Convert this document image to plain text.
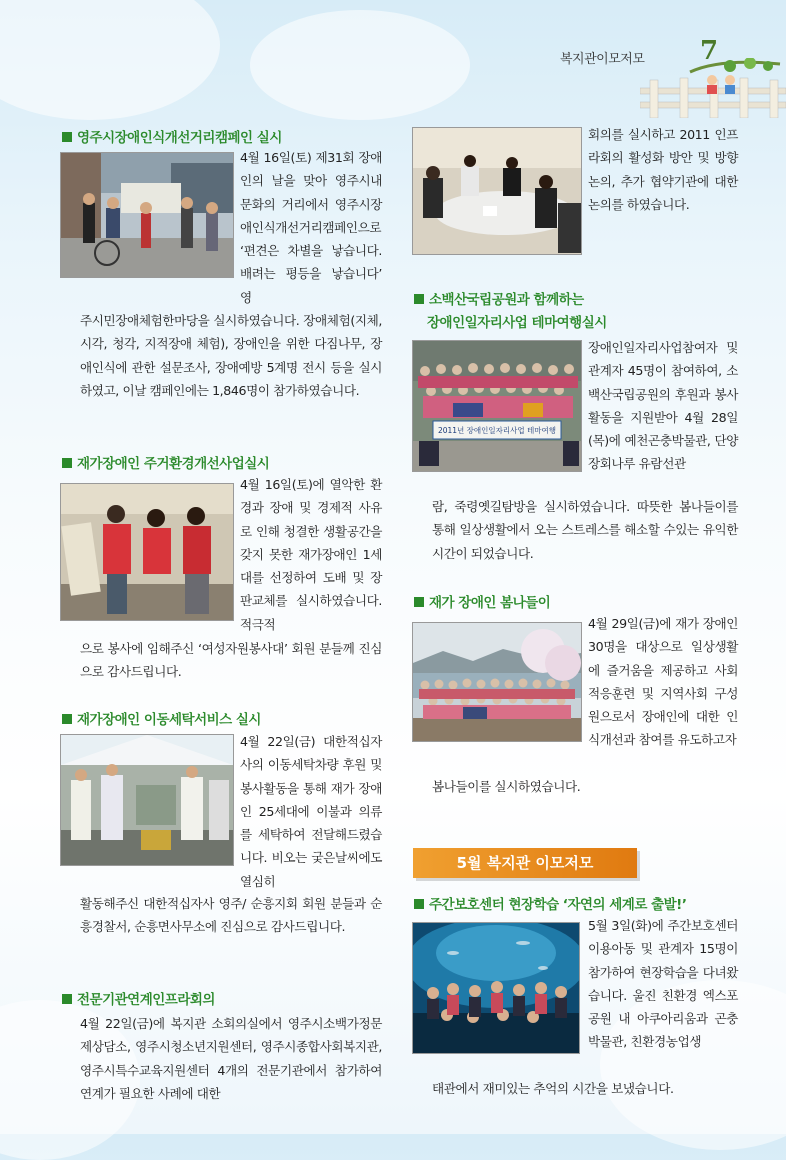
복지관이모저모 7
영주시장애인식개선거리캠페인 실시
4월 16일(토) 제31회 장애인의 날을 맞아 영주시내 문화의 거리에서 영주시장애인식개선거리캠페인으로 ‘편견은 차별을 낳습니다. 배려는 평등을 낳습니다’ 영
주시민장애체험한마당을 실시하였습니다. 장애체험(지체, 시각, 청각, 지적장애 체험), 장애인을 위한 다짐나무, 장애인식에 관한 설문조사, 장애예방 5계명 전시 등을 실시하였고, 이날 캠페인에는 1,846명이 참가하였습니다.
재가장애인 주거환경개선사업실시
4월 16일(토)에 열악한 환경과 장애 및 경제적 사유로 인해 청결한 생활공간을 갖지 못한 재가장애인 1세대를 선정하여 도배 및 장판교체를 실시하였습니다. 적극적
으로 봉사에 임해주신 ‘여성자원봉사대’ 회원 분들께 진심으로 감사드립니다.
재가장애인 이동세탁서비스 실시
4월 22일(금) 대한적십자사의 이동세탁차량 후원 및 봉사활동을 통해 재가 장애인 25세대에 이불과 의류를 세탁하여 전달해드렸습니다. 비오는 궂은날씨에도 열심히
활동해주신 대한적십자사 영주/ 순흥지회 회원 분들과 순흥경찰서, 순흥면사무소에 진심으로 감사드립니다.
전문기관연계인프라회의
4월 22일(금)에 복지관 소회의실에서 영주시소백가정문제상담소, 영주시청소년지원센터, 영주시종합사회복지관, 영주시특수교육지원센터 4개의 전문기관에서 참가하여 연계가 필요한 사례에 대한
회의를 실시하고 2011 인프라회의 활성화 방안 및 방향 논의, 추가 협약기관에 대한 논의를 하였습니다.
소백산국립공원과 함께하는
장애인일자리사업 테마여행실시
2011년 장애인일자리사업 테마여행
장애인일자리사업참여자 및 관계자 45명이 참여하여, 소백산국립공원의 후원과 봉사활동을 지원받아 4월 28일(목)에 예천곤충박물관, 단양 장회나루 유람선관
람, 죽령옛길탐방을 실시하였습니다. 따뜻한 봄나들이를 통해 일상생활에서 오는 스트레스를 해소할 수있는 유익한시간이 되었습니다.
재가 장애인 봄나들이
4월 29일(금)에 재가 장애인 30명을 대상으로 일상생활에 즐거움을 제공하고 사회적응훈련 및 지역사회 구성원으로서 장애인에 대한 인식개선과 참여를 유도하고자
봄나들이를 실시하였습니다.
5월 복지관 이모저모
주간보호센터 현장학습 ‘자연의 세계로 출발!’
5월 3일(화)에 주간보호센터 이용아동 및 관계자 15명이 참가하여 현장학습을 다녀왔습니다. 울진 친환경 엑스포 공원 내 아쿠아리움과 곤충박물관, 친환경농업생
태관에서 재미있는 추억의 시간을 보냈습니다.
